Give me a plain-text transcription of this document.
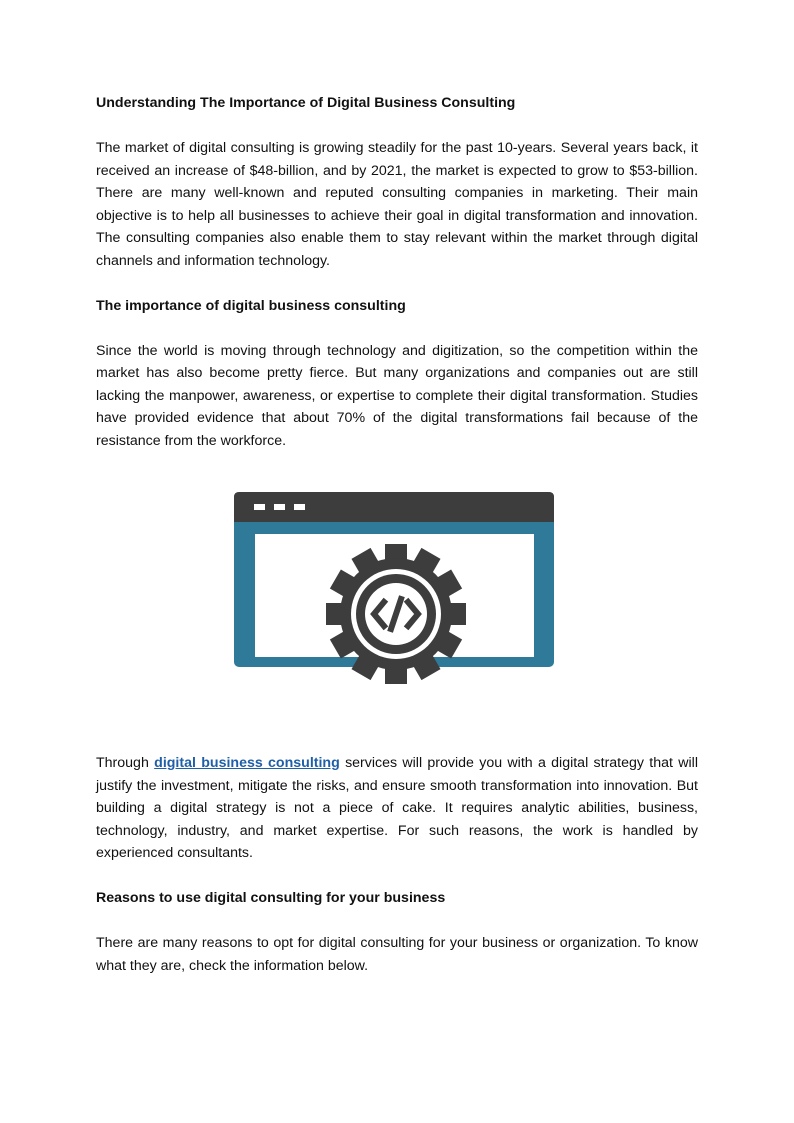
Understanding The Importance of Digital Business Consulting

The market of digital consulting is growing steadily for the past 10-years. Several years back, it received an increase of $48-billion, and by 2021, the market is expected to grow to $53-billion. There are many well-known and reputed consulting companies in marketing. Their main objective is to help all businesses to achieve their goal in digital transformation and innovation. The consulting companies also enable them to stay relevant within the market through digital channels and information technology.

The importance of digital business consulting

Since the world is moving through technology and digitization, so the competition within the market has also become pretty fierce. But many organizations and companies out are still lacking the manpower, awareness, or expertise to complete their digital transformation. Studies have provided evidence that about 70% of the digital transformations fail because of the resistance from the workforce.

Through digital business consulting services will provide you with a digital strategy that will justify the investment, mitigate the risks, and ensure smooth transformation into innovation. But building a digital strategy is not a piece of cake. It requires analytic abilities, business, technology, industry, and market expertise. For such reasons, the work is handled by experienced consultants.

Reasons to use digital consulting for your business

There are many reasons to opt for digital consulting for your business or organization. To know what they are, check the information below.
